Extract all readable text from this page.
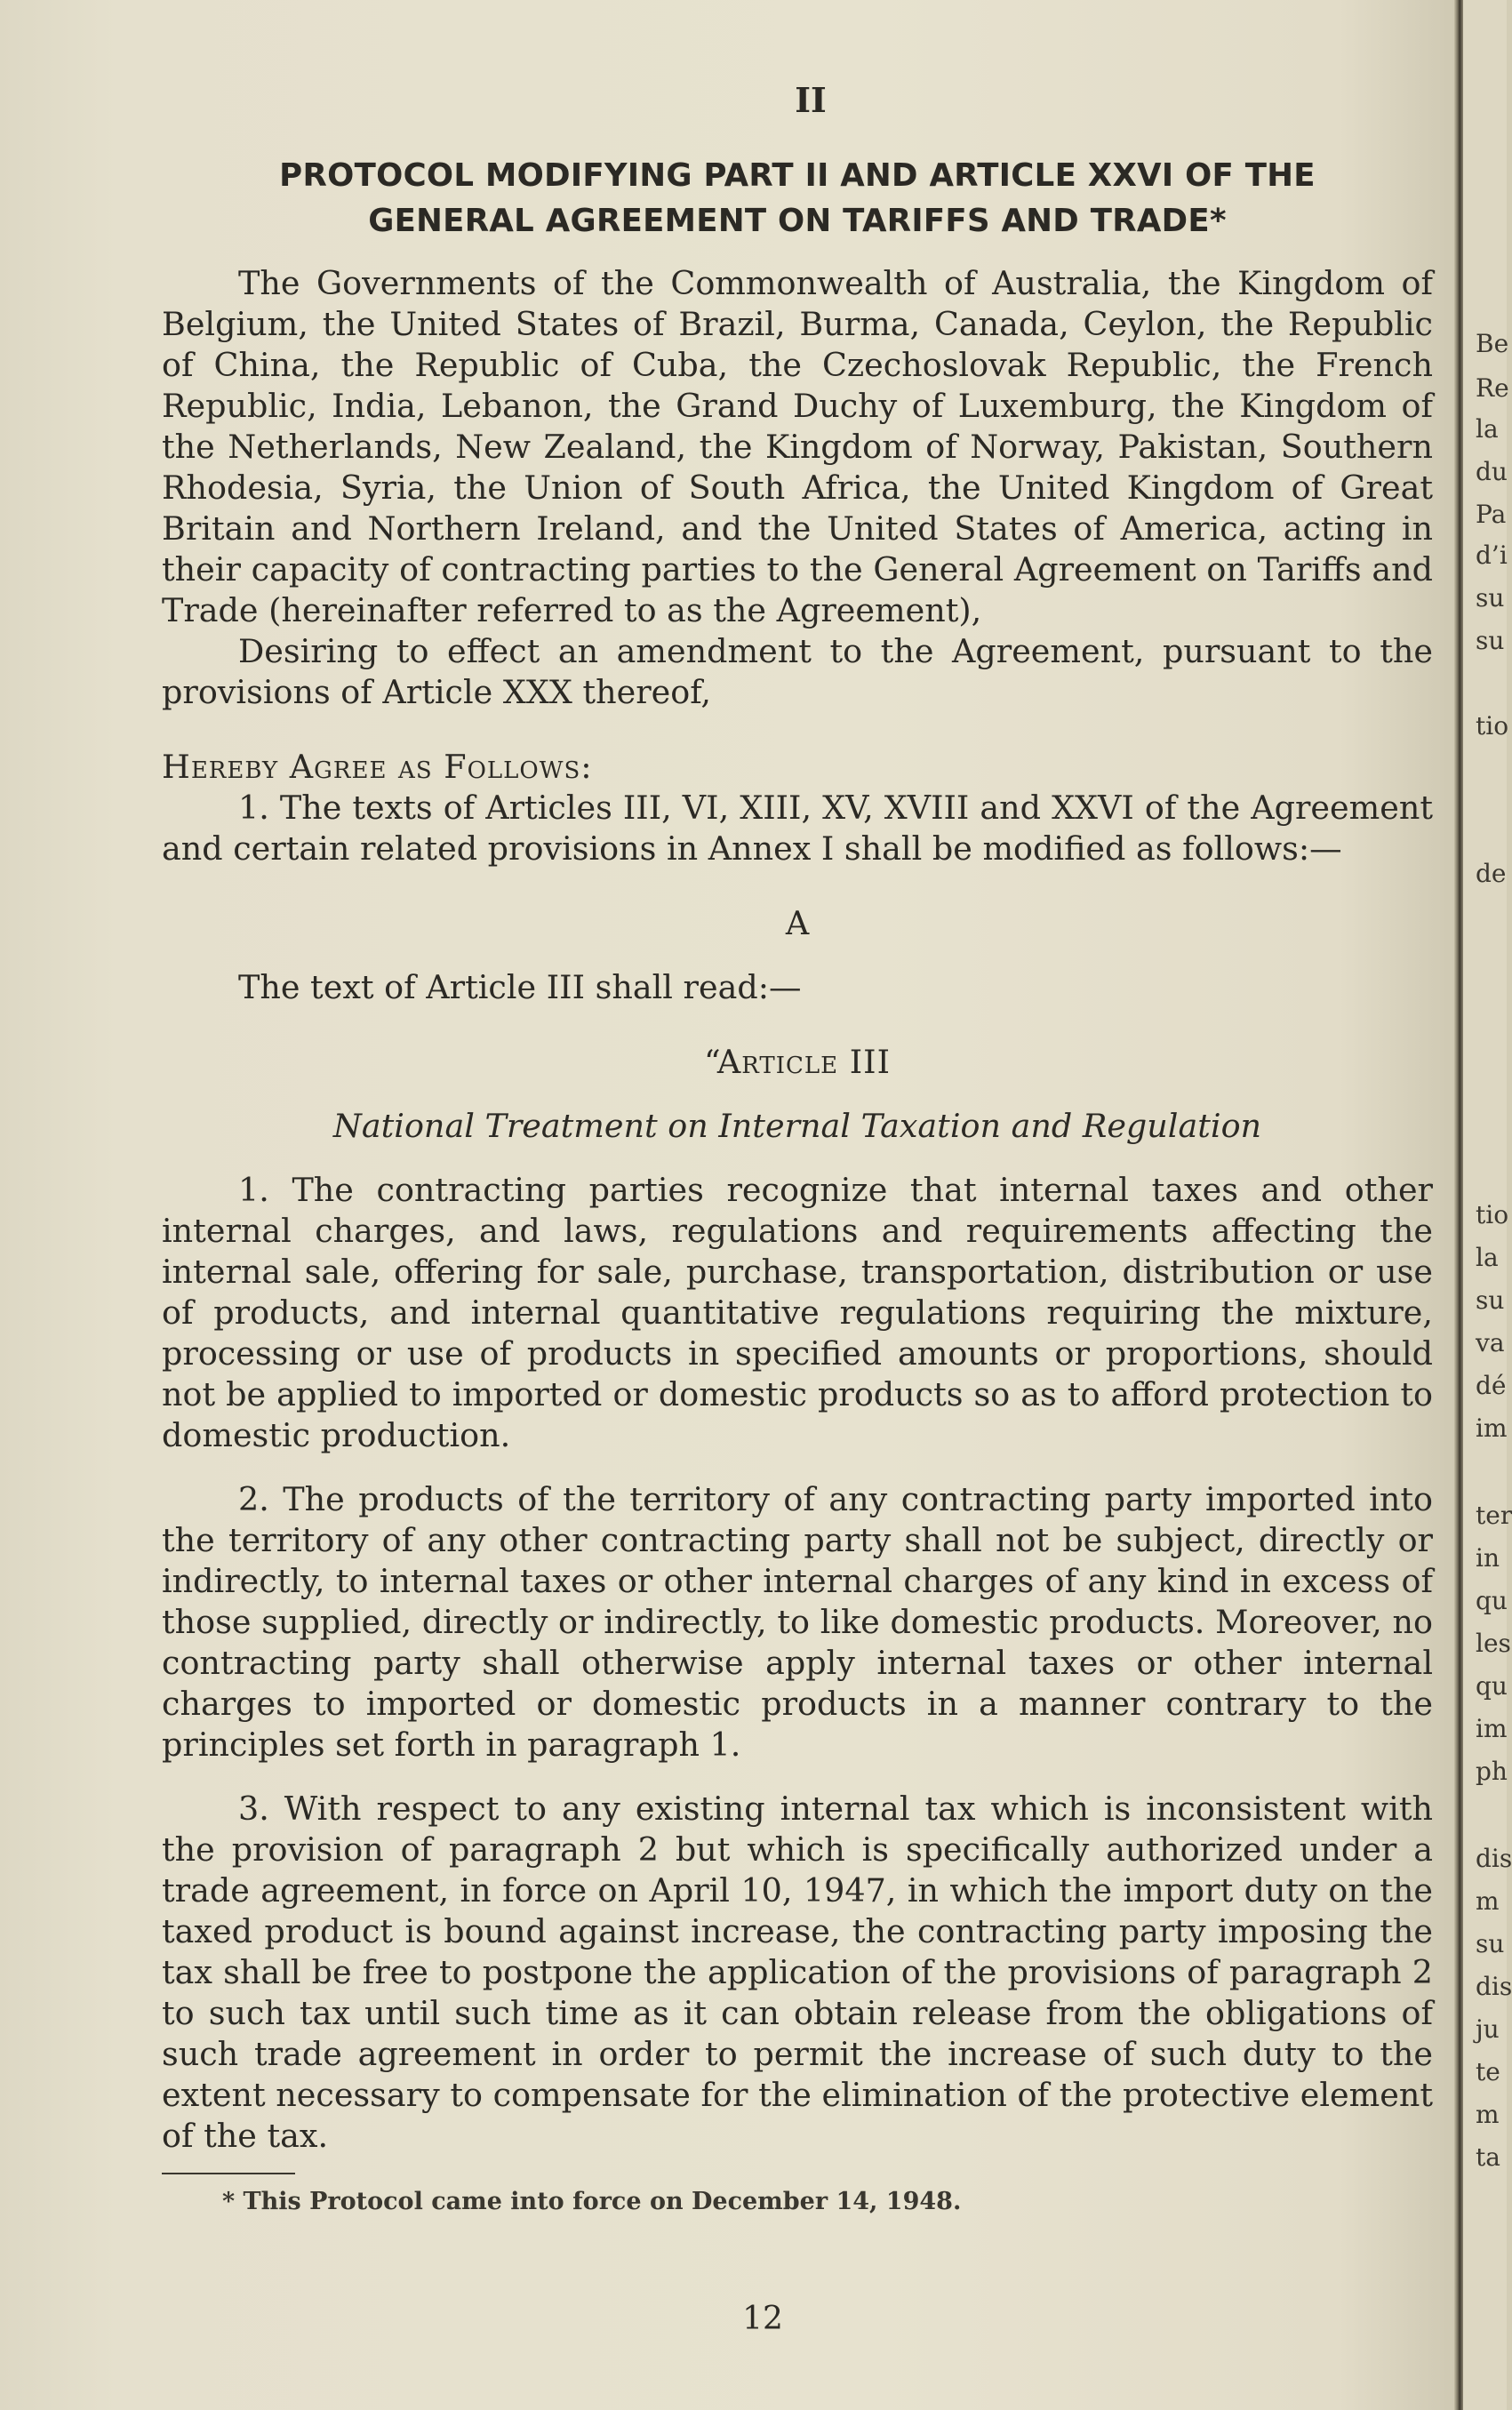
II
PROTOCOL MODIFYING PART II AND ARTICLE XXVI OF THE
GENERAL AGREEMENT ON TARIFFS AND TRADE*

The Governments of the Commonwealth of Australia, the Kingdom of Belgium, the United States of Brazil, Burma, Canada, Ceylon, the Republic of China, the Republic of Cuba, the Czechoslovak Republic, the French Republic, India, Lebanon, the Grand Duchy of Luxemburg, the Kingdom of the Netherlands, New Zealand, the Kingdom of Norway, Pakistan, Southern Rhodesia, Syria, the Union of South Africa, the United Kingdom of Great Britain and Northern Ireland, and the United States of America, acting in their capacity of contracting parties to the General Agreement on Tariffs and Trade (hereinafter referred to as the Agreement),

Desiring to effect an amendment to the Agreement, pursuant to the provisions of Article XXX thereof,

Hereby Agree as Follows:

1. The texts of Articles III, VI, XIII, XV, XVIII and XXVI of the Agreement and certain related provisions in Annex I shall be modified as follows:—

A

The text of Article III shall read:—

“Article III

National Treatment on Internal Taxation and Regulation

1. The contracting parties recognize that internal taxes and other internal charges, and laws, regulations and requirements affecting the internal sale, offering for sale, purchase, transportation, distribution or use of products, and internal quantitative regulations requiring the mixture, processing or use of products in specified amounts or proportions, should not be applied to imported or domestic products so as to afford protection to domestic production.

2. The products of the territory of any contracting party imported into the territory of any other contracting party shall not be subject, directly or indirectly, to internal taxes or other internal charges of any kind in excess of those supplied, directly or indirectly, to like domestic products. Moreover, no contracting party shall otherwise apply internal taxes or other internal charges to imported or domestic products in a manner contrary to the principles set forth in paragraph 1.

3. With respect to any existing internal tax which is inconsistent with the provision of paragraph 2 but which is specifically authorized under a trade agreement, in force on April 10, 1947, in which the import duty on the taxed product is bound against increase, the contracting party imposing the tax shall be free to postpone the application of the provisions of paragraph 2 to such tax until such time as it can obtain release from the obligations of such trade agreement in order to permit the increase of such duty to the extent necessary to compensate for the elimination of the protective element of the tax.

* This Protocol came into force on December 14, 1948.
12
Be
Re
la
du
Pa
d’i
su
su
tio
de
tio
la
su
va
dé
im
ter
in
qu
les
qu
im
ph
dis
m
su
dis
ju
te
m
ta
